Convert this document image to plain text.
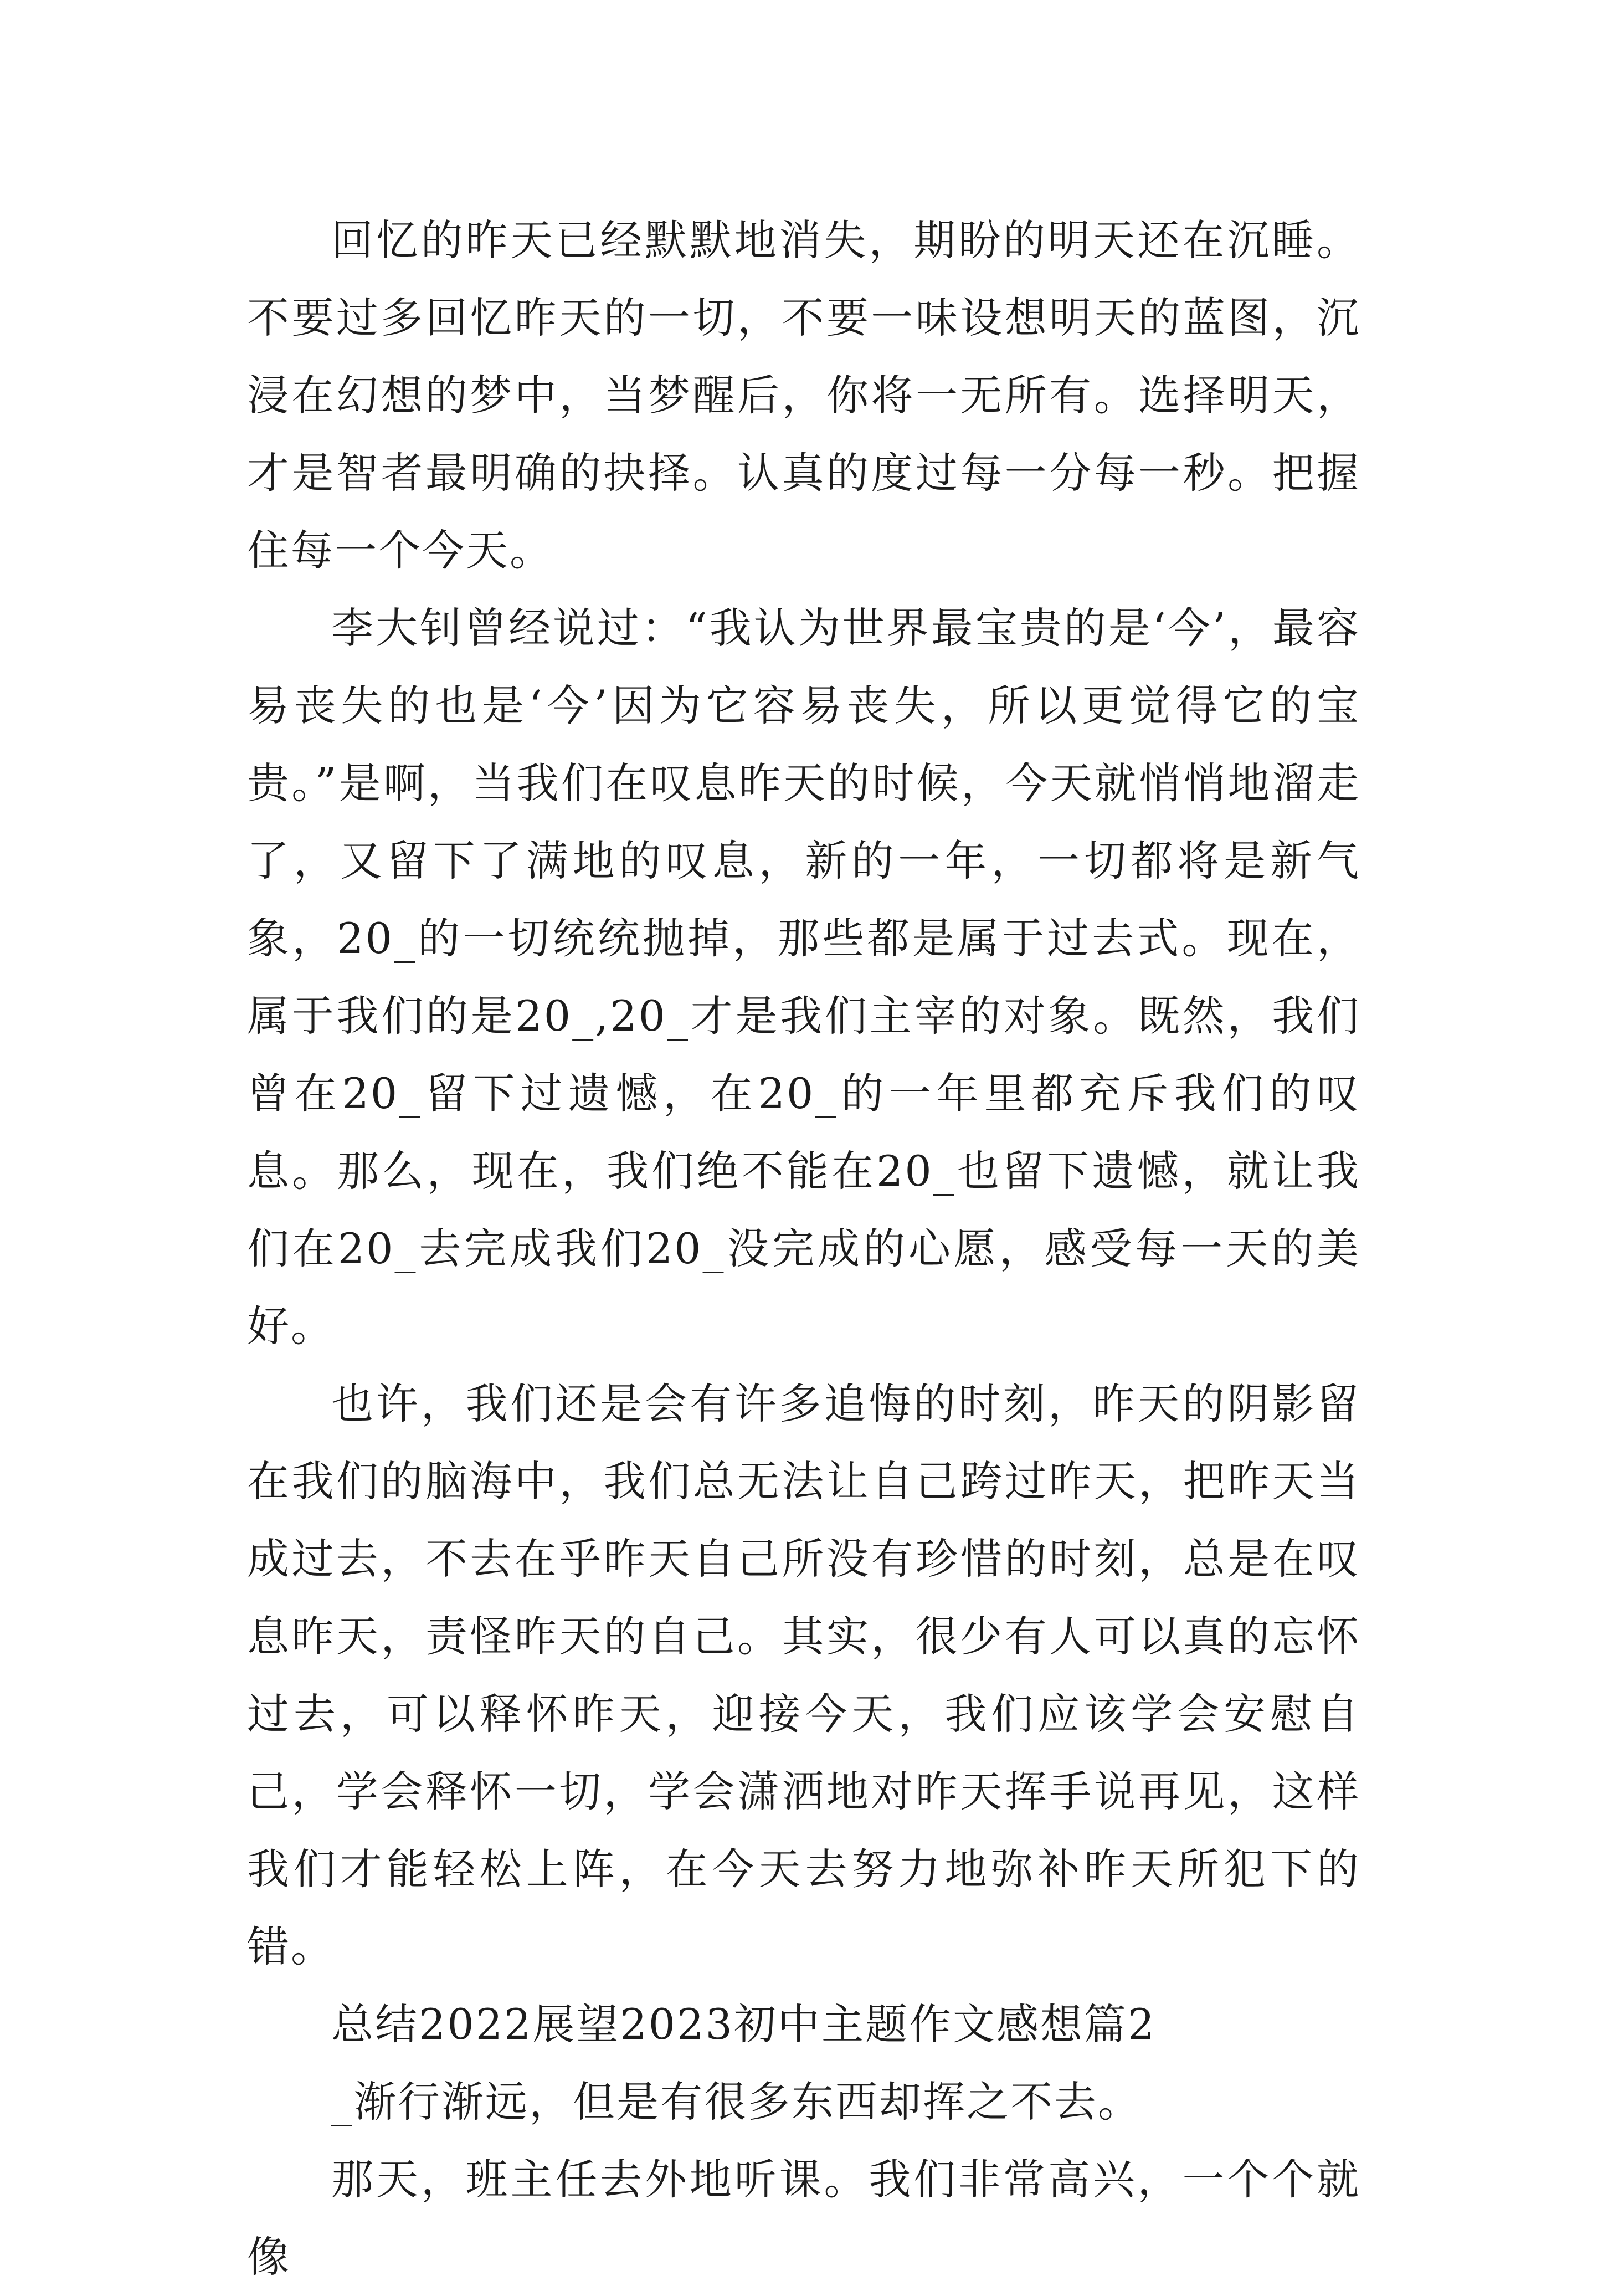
回忆的昨天已经默默地消失，期盼的明天还在沉睡。不要过多回忆昨天的一切，不要一味设想明天的蓝图，沉浸在幻想的梦中，当梦醒后，你将一无所有。选择明天，才是智者最明确的抉择。认真的度过每一分每一秒。把握住每一个今天。

李大钊曾经说过：“我认为世界最宝贵的是‘今’，最容易丧失的也是‘今’因为它容易丧失，所以更觉得它的宝贵。”是啊，当我们在叹息昨天的时候，今天就悄悄地溜走了，又留下了满地的叹息，新的一年，一切都将是新气象，20_的一切统统抛掉，那些都是属于过去式。现在，属于我们的是20_,20_才是我们主宰的对象。既然，我们曾在20_留下过遗憾，在20_的一年里都充斥我们的叹息。那么，现在，我们绝不能在20_也留下遗憾，就让我们在20_去完成我们20_没完成的心愿，感受每一天的美好。

也许，我们还是会有许多追悔的时刻，昨天的阴影留在我们的脑海中，我们总无法让自己跨过昨天，把昨天当成过去，不去在乎昨天自己所没有珍惜的时刻，总是在叹息昨天，责怪昨天的自己。其实，很少有人可以真的忘怀过去，可以释怀昨天，迎接今天，我们应该学会安慰自己，学会释怀一切，学会潇洒地对昨天挥手说再见，这样我们才能轻松上阵，在今天去努力地弥补昨天所犯下的错。

总结2022展望2023初中主题作文感想篇2

_渐行渐远，但是有很多东西却挥之不去。

那天，班主任去外地听课。我们非常高兴，一个个就像
